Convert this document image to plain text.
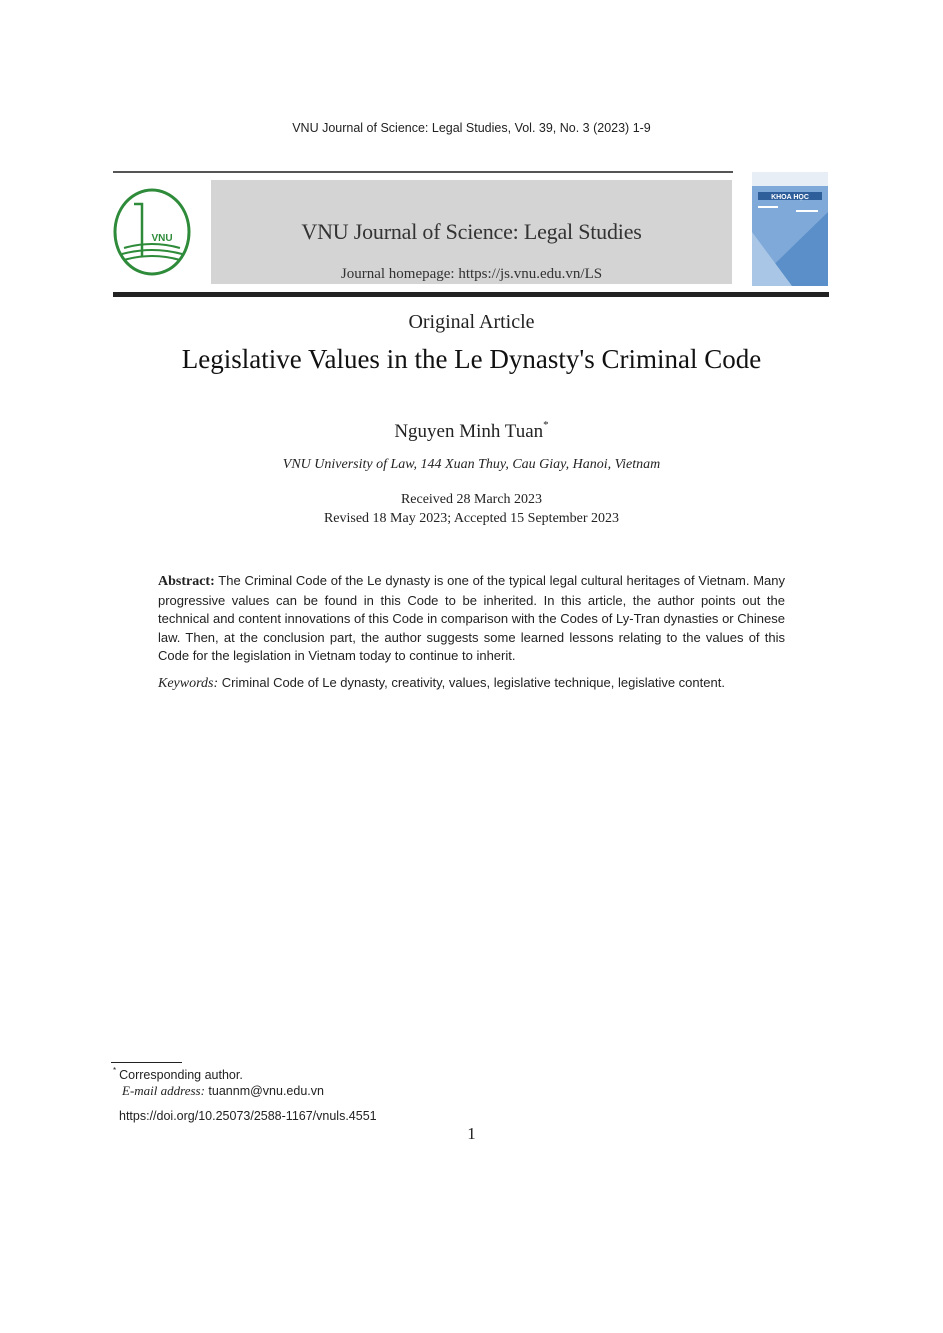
VNU Journal of Science: Legal Studies, Vol. 39, No. 3 (2023) 1-9
VNU	VNU Journal of Science: Legal Studies
Journal homepage: https://js.vnu.edu.vn/LS
KHOA HỌC
Original Article
Legislative Values in the Le Dynasty's Criminal Code
Nguyen Minh Tuan*
VNU University of Law, 144 Xuan Thuy, Cau Giay, Hanoi, Vietnam
Received 28 March 2023
Revised 18 May 2023; Accepted 15 September 2023
Abstract: The Criminal Code of the Le dynasty is one of the typical legal cultural heritages of Vietnam. Many progressive values can be found in this Code to be inherited. In this article, the author points out the technical and content innovations of this Code in comparison with the Codes of Ly-Tran dynasties or Chinese law. Then, at the conclusion part, the author suggests some learned lessons relating to the values of this Code for the legislation in Vietnam today to continue to inherit.
Keywords: Criminal Code of Le dynasty, creativity, values, legislative technique, legislative content.
* Corresponding author.
E-mail address: tuannm@vnu.edu.vn
https://doi.org/10.25073/2588-1167/vnuls.4551
1
